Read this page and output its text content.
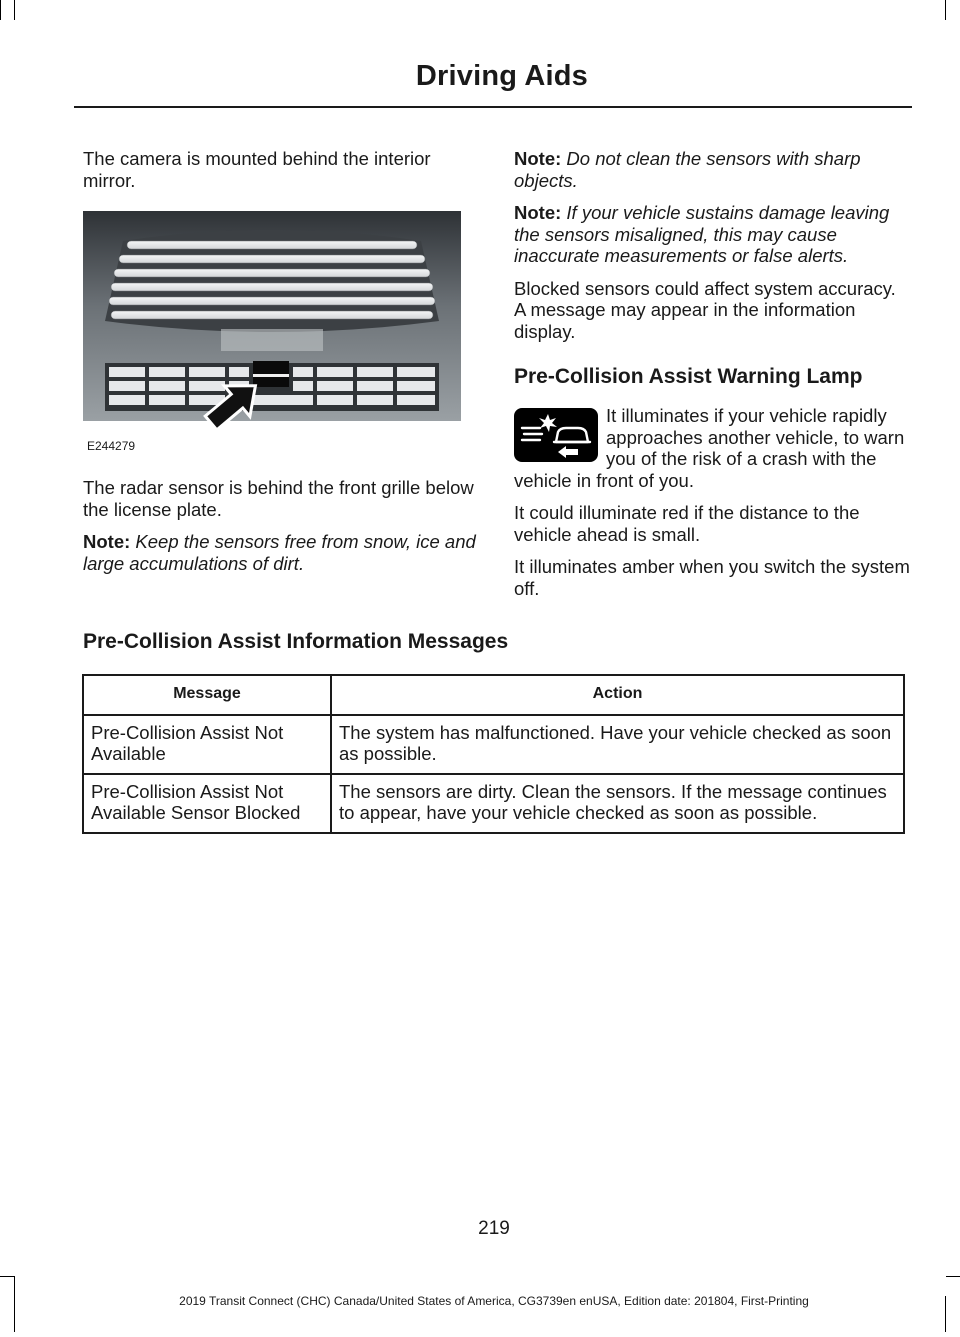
Driving Aids

The camera is mounted behind the interior mirror.

E244279

The radar sensor is behind the front grille below the license plate.

Note: Keep the sensors free from snow, ice and large accumulations of dirt.

Note: Do not clean the sensors with sharp objects.

Note: If your vehicle sustains damage leaving the sensors misaligned, this may cause inaccurate measurements or false alerts.

Blocked sensors could affect system accuracy. A message may appear in the information display.

Pre-Collision Assist Warning Lamp

It illuminates if your vehicle rapidly approaches another vehicle, to warn you of the risk of a crash with the vehicle in front of you.

It could illuminate red if the distance to the vehicle ahead is small.

It illuminates amber when you switch the system off.

Pre-Collision Assist Information Messages
Message	Action
Pre-Collision Assist Not Available	The system has malfunctioned. Have your vehicle checked as soon as possible.
Pre-Collision Assist Not Available Sensor Blocked	The sensors are dirty. Clean the sensors. If the message continues to appear, have your vehicle checked as soon as possible.
219
2019 Transit Connect (CHC) Canada/United States of America, CG3739en enUSA, Edition date: 201804, First-Printing
